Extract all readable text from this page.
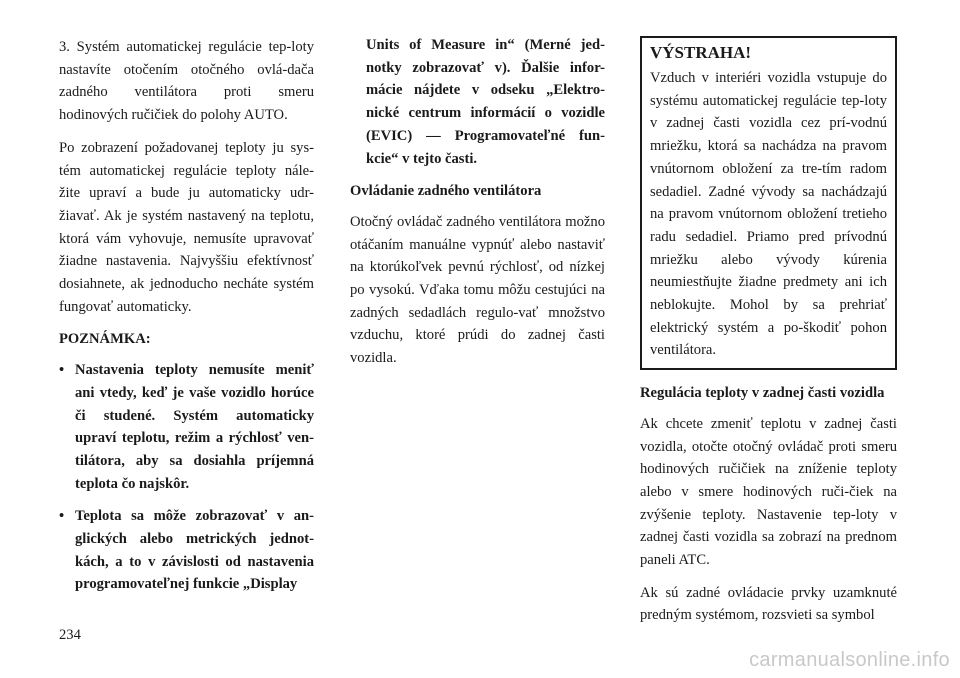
3. Systém automatickej regulácie tep-loty nastavíte otočením otočného ovlá-dača zadného ventilátora proti smeru hodinových ručičiek do polohy AUTO.

Po zobrazení požadovanej teploty ju sys-tém automatickej regulácie teploty nále-žite upraví a bude ju automaticky udr-žiavať. Ak je systém nastavený na teplotu, ktorá vám vyhovuje, nemusíte upravovať žiadne nastavenia. Najvyššiu efektívnosť dosiahnete, ak jednoducho necháte systém fungovať automaticky.

POZNÁMKA:

• Nastavenia teploty nemusíte meniť ani vtedy, keď je vaše vozidlo horúce či studené. Systém automaticky upraví teplotu, režim a rýchlosť ven-tilátora, aby sa dosiahla príjemná teplota čo najskôr.
• Teplota sa môže zobrazovať v an-glických alebo metrických jednot-kách, a to v závislosti od nastavenia programovateľnej funkcie „Display

Units of Measure in“ (Merné jed-notky zobrazovať v). Ďalšie infor-mácie nájdete v odseku „Elektro-nické centrum informácií o vozidle (EVIC) — Programovateľné fun-kcie“ v tejto časti.

Ovládanie zadného ventilátora

Otočný ovládač zadného ventilátora možno otáčaním manuálne vypnúť alebo nastaviť na ktorúkoľvek pevnú rýchlosť, od nízkej po vysokú. Vďaka tomu môžu cestujúci na zadných sedadlách regulo-vať množstvo vzduchu, ktoré prúdi do zadnej časti vozidla.

VÝSTRAHA!
Vzduch v interiéri vozidla vstupuje do systému automatickej regulácie tep-loty v zadnej časti vozidla cez prí-vodnú mriežku, ktorá sa nachádza na pravom vnútornom obložení za tre-tím radom sedadiel. Zadné vývody sa nachádzajú na pravom vnútornom obložení tretieho radu sedadiel. Priamo pred prívodnú mriežku alebo vývody kúrenia neumiestňujte žiadne predmety ani ich neblokujte. Mohol by sa prehriať elektrický systém a po-škodiť pohon ventilátora.

Regulácia teploty v zadnej časti vozidla

Ak chcete zmeniť teplotu v zadnej časti vozidla, otočte otočný ovládač proti smeru hodinových ručičiek na zníženie teploty alebo v smere hodinových ruči-čiek na zvýšenie teploty. Nastavenie tep-loty v zadnej časti vozidla sa zobrazí na prednom paneli ATC.

Ak sú zadné ovládacie prvky uzamknuté predným systémom, rozsvieti sa symbol

234
carmanualsonline.info
